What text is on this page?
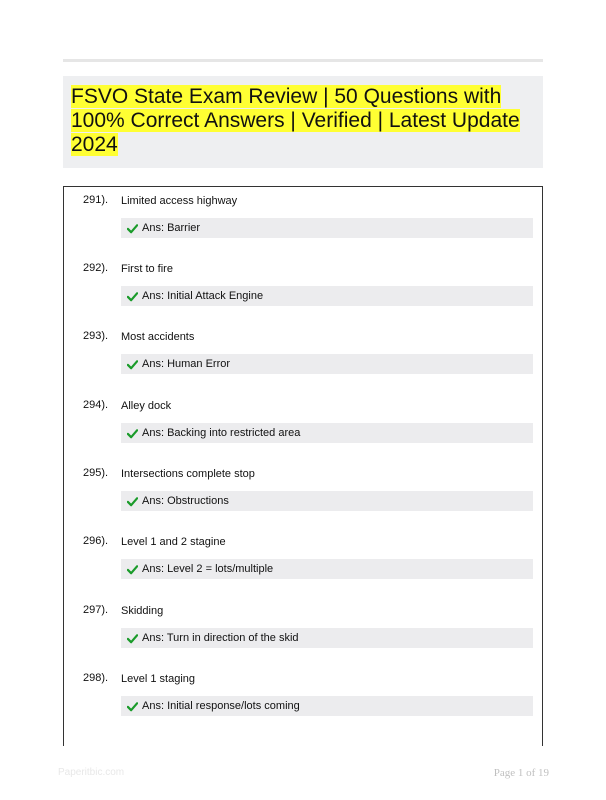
FSVO State Exam Review | 50 Questions with 100% Correct Answers | Verified | Latest Update 2024
291). Limited access highway
Ans: Barrier
292). First to fire
Ans: Initial Attack Engine
293). Most accidents
Ans: Human Error
294). Alley dock
Ans: Backing into restricted area
295). Intersections complete stop
Ans: Obstructions
296). Level 1 and 2 stagine
Ans: Level 2 = lots/multiple
297). Skidding
Ans: Turn in direction of the skid
298). Level 1 staging
Ans: Initial response/lots coming
Paperitbic.com	Page 1 of 19
